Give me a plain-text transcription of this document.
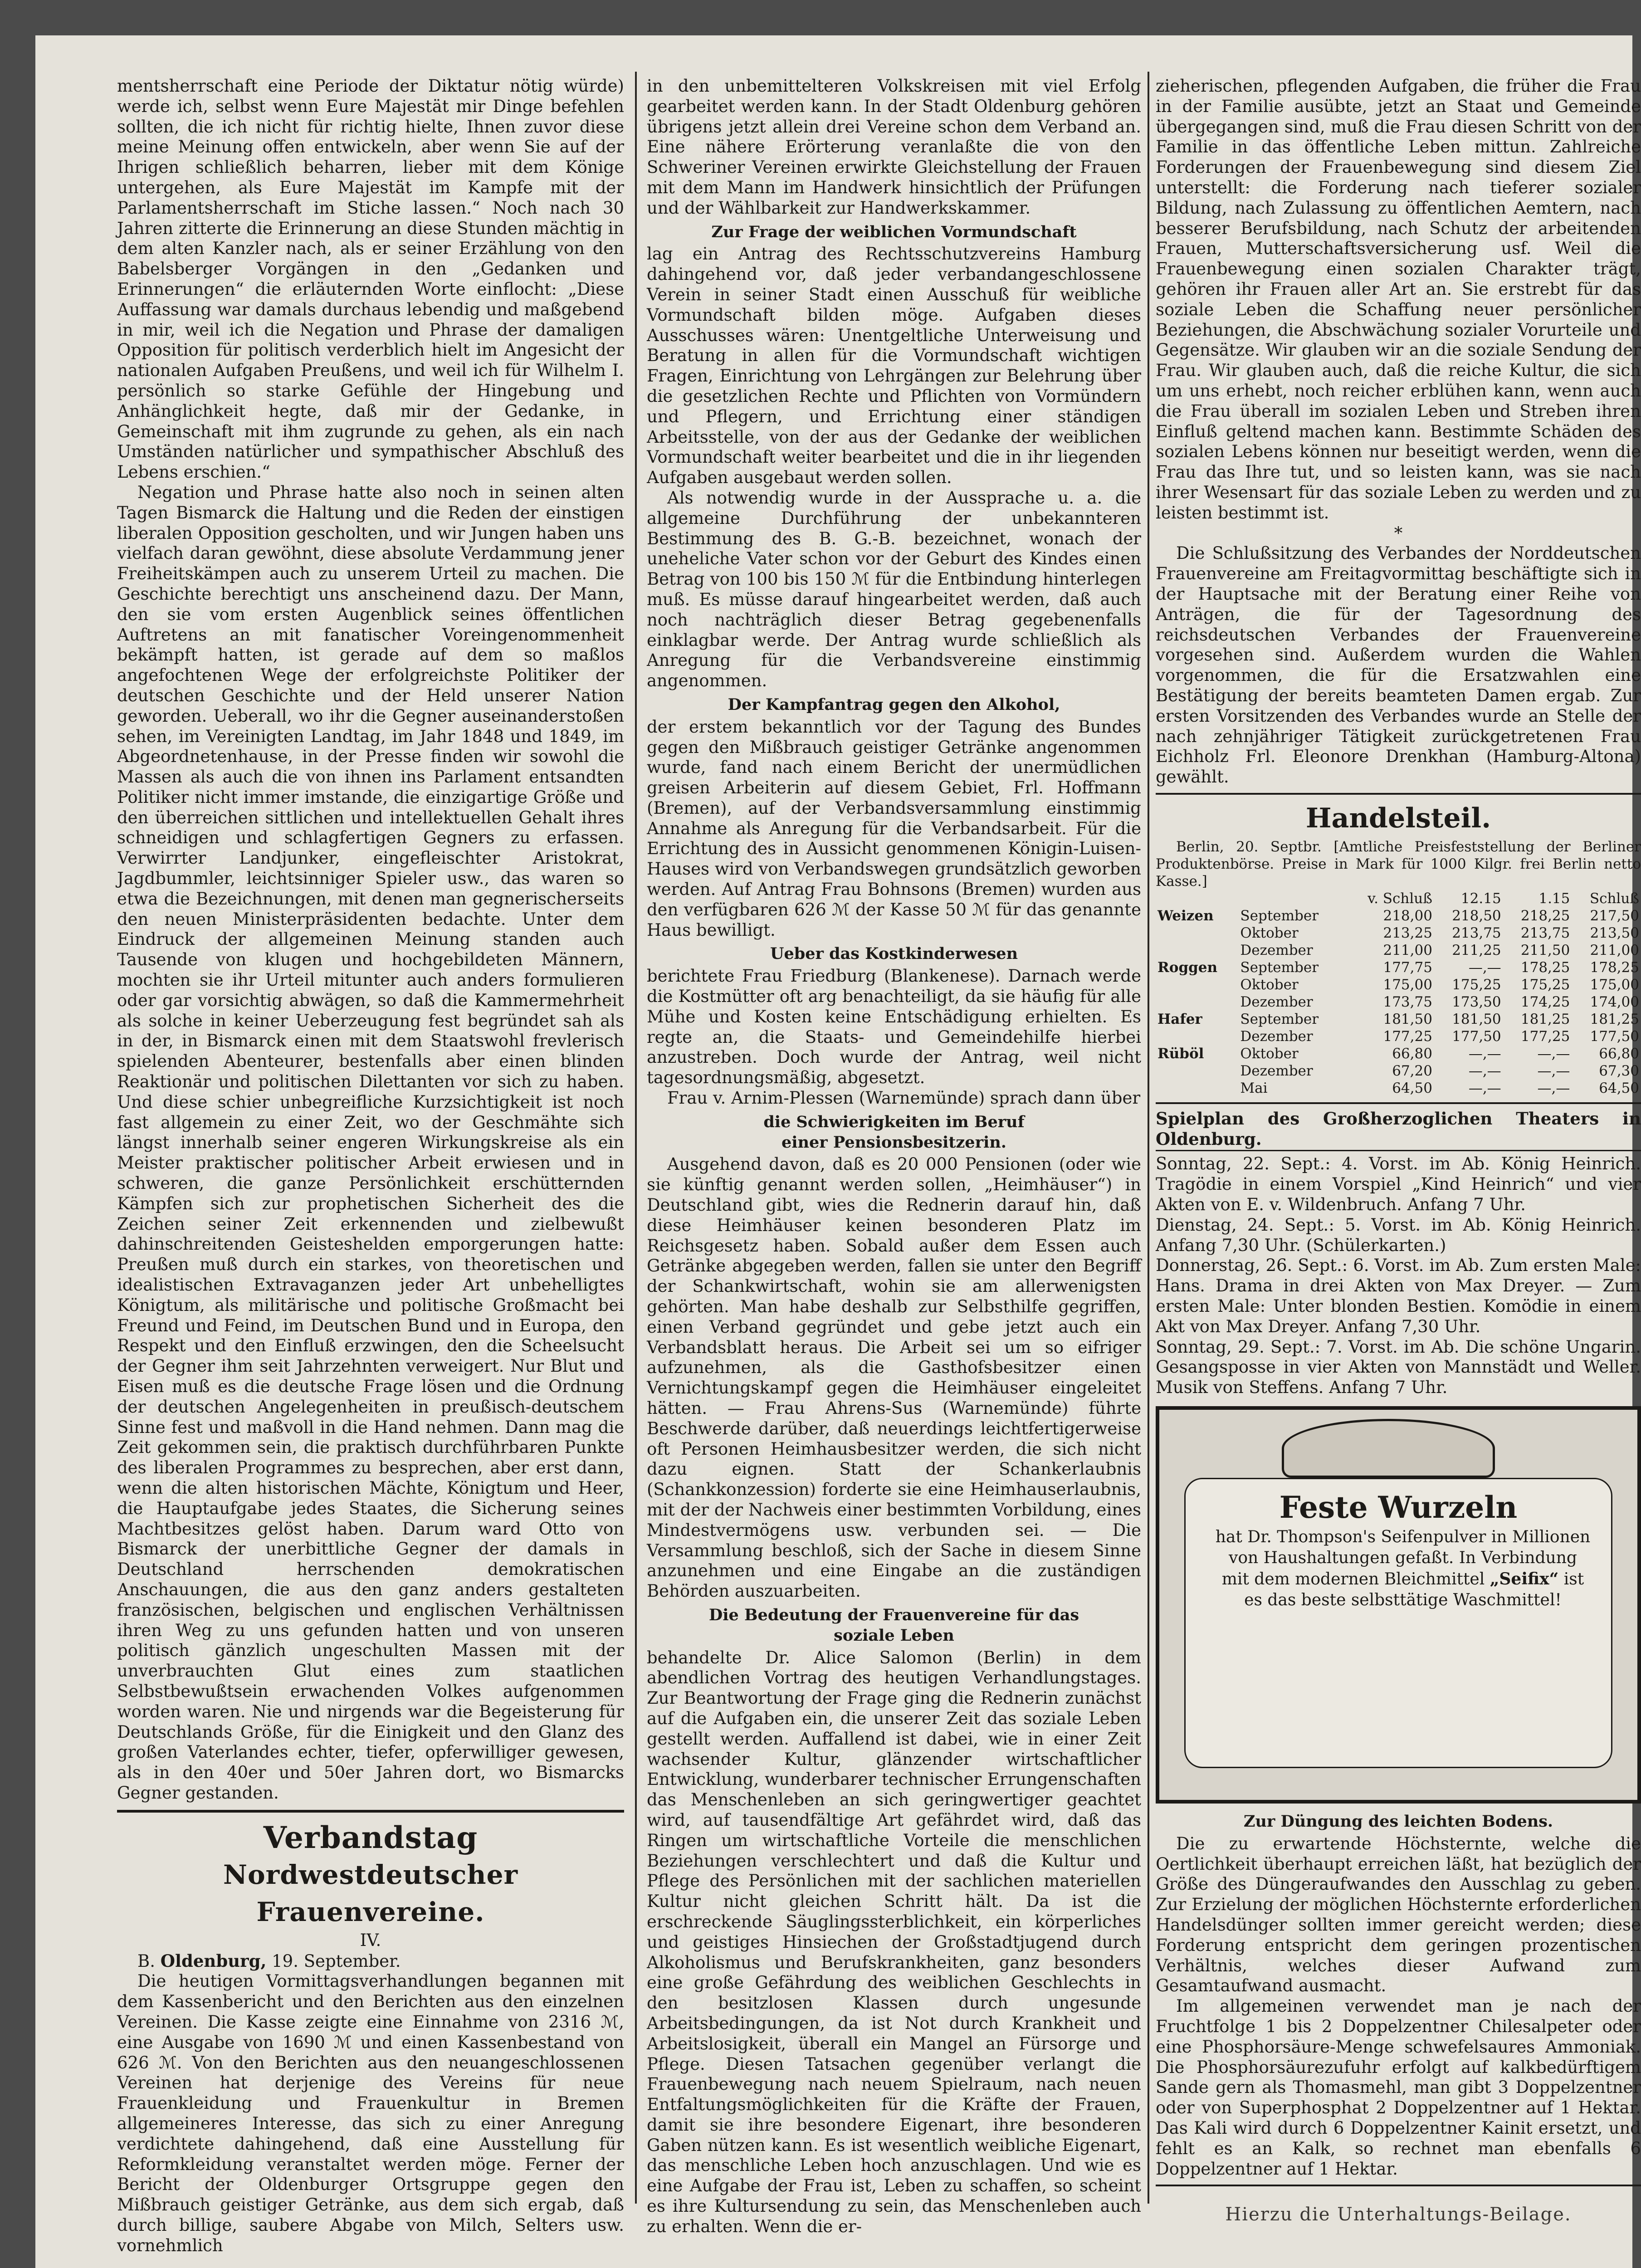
mentsherrschaft eine Periode der Diktatur nötig würde) werde ich, selbst wenn Eure Majestät mir Dinge befehlen sollten, die ich nicht für richtig hielte, Ihnen zuvor diese meine Meinung offen entwickeln, aber wenn Sie auf der Ihrigen schließlich beharren, lieber mit dem Könige untergehen, als Eure Majestät im Kampfe mit der Parlamentsherrschaft im Stiche lassen.“ Noch nach 30 Jahren zitterte die Erinnerung an diese Stunden mächtig in dem alten Kanzler nach, als er seiner Erzählung von den Babelsberger Vorgängen in den „Gedanken und Erinnerungen“ die erläuternden Worte einflocht: „Diese Auffassung war damals durchaus lebendig und maßgebend in mir, weil ich die Negation und Phrase der damaligen Opposition für politisch verderblich hielt im Angesicht der nationalen Aufgaben Preußens, und weil ich für Wilhelm I. persönlich so starke Gefühle der Hingebung und Anhänglichkeit hegte, daß mir der Gedanke, in Gemeinschaft mit ihm zugrunde zu gehen, als ein nach Umständen natürlicher und sympathischer Abschluß des Lebens erschien.“

Negation und Phrase hatte also noch in seinen alten Tagen Bismarck die Haltung und die Reden der einstigen liberalen Opposition gescholten, und wir Jungen haben uns vielfach daran gewöhnt, diese absolute Verdammung jener Freiheitskämpen auch zu unserem Urteil zu machen. Die Geschichte berechtigt uns anscheinend dazu. Der Mann, den sie vom ersten Augenblick seines öffentlichen Auftretens an mit fanatischer Voreingenommenheit bekämpft hatten, ist gerade auf dem so maßlos angefochtenen Wege der erfolgreichste Politiker der deutschen Geschichte und der Held unserer Nation geworden. Ueberall, wo ihr die Gegner auseinanderstoßen sehen, im Vereinigten Landtag, im Jahr 1848 und 1849, im Abgeordnetenhause, in der Presse finden wir sowohl die Massen als auch die von ihnen ins Parlament entsandten Politiker nicht immer imstande, die einzigartige Größe und den überreichen sittlichen und intellektuellen Gehalt ihres schneidigen und schlagfertigen Gegners zu erfassen. Verwirrter Landjunker, eingefleischter Aristokrat, Jagdbummler, leichtsinniger Spieler usw., das waren so etwa die Bezeichnungen, mit denen man gegnerischerseits den neuen Ministerpräsidenten bedachte. Unter dem Eindruck der allgemeinen Meinung standen auch Tausende von klugen und hochgebildeten Männern, mochten sie ihr Urteil mitunter auch anders formulieren oder gar vorsichtig abwägen, so daß die Kammermehrheit als solche in keiner Ueberzeugung fest begründet sah als in der, in Bismarck einen mit dem Staatswohl frevlerisch spielenden Abenteurer, bestenfalls aber einen blinden Reaktionär und politischen Dilettanten vor sich zu haben. Und diese schier unbegreifliche Kurzsichtigkeit ist noch fast allgemein zu einer Zeit, wo der Geschmähte sich längst innerhalb seiner engeren Wirkungskreise als ein Meister praktischer politischer Arbeit erwiesen und in schweren, die ganze Persönlichkeit erschütternden Kämpfen sich zur prophetischen Sicherheit des die Zeichen seiner Zeit erkennenden und zielbewußt dahinschreitenden Geisteshelden emporgerungen hatte: Preußen muß durch ein starkes, von theoretischen und idealistischen Extravaganzen jeder Art unbehelligtes Königtum, als militärische und politische Großmacht bei Freund und Feind, im Deutschen Bund und in Europa, den Respekt und den Einfluß erzwingen, den die Scheelsucht der Gegner ihm seit Jahrzehnten verweigert. Nur Blut und Eisen muß es die deutsche Frage lösen und die Ordnung der deutschen Angelegenheiten in preußisch-deutschem Sinne fest und maßvoll in die Hand nehmen. Dann mag die Zeit gekommen sein, die praktisch durchführbaren Punkte des liberalen Programmes zu besprechen, aber erst dann, wenn die alten historischen Mächte, Königtum und Heer, die Hauptaufgabe jedes Staates, die Sicherung seines Machtbesitzes gelöst haben. Darum ward Otto von Bismarck der unerbittliche Gegner der damals in Deutschland herrschenden demokratischen Anschauungen, die aus den ganz anders gestalteten französischen, belgischen und englischen Verhältnissen ihren Weg zu uns gefunden hatten und von unseren politisch gänzlich ungeschulten Massen mit der unverbrauchten Glut eines zum staatlichen Selbstbewußtsein erwachenden Volkes aufgenommen worden waren. Nie und nirgends war die Begeisterung für Deutschlands Größe, für die Einigkeit und den Glanz des großen Vaterlandes echter, tiefer, opferwilliger gewesen, als in den 40er und 50er Jahren dort, wo Bismarcks Gegner gestanden.

Verbandstag
Nordwestdeutscher Frauenvereine.

IV.

B. Oldenburg, 19. September.

Die heutigen Vormittagsverhandlungen begannen mit dem Kassenbericht und den Berichten aus den einzelnen Vereinen. Die Kasse zeigte eine Einnahme von 2316 ℳ, eine Ausgabe von 1690 ℳ und einen Kassenbestand von 626 ℳ. Von den Berichten aus den neuangeschlossenen Vereinen hat derjenige des Vereins für neue Frauenkleidung und Frauenkultur in Bremen allgemeineres Interesse, das sich zu einer Anregung verdichtete dahingehend, daß eine Ausstellung für Reformkleidung veranstaltet werden möge. Ferner der Bericht der Oldenburger Ortsgruppe gegen den Mißbrauch geistiger Getränke, aus dem sich ergab, daß durch billige, saubere Abgabe von Milch, Selters usw. vornehmlich

in den unbemittelteren Volkskreisen mit viel Erfolg gearbeitet werden kann. In der Stadt Oldenburg gehören übrigens jetzt allein drei Vereine schon dem Verband an. Eine nähere Erörterung veranlaßte die von den Schweriner Vereinen erwirkte Gleichstellung der Frauen mit dem Mann im Handwerk hinsichtlich der Prüfungen und der Wählbarkeit zur Handwerkskammer.

Zur Frage der weiblichen Vormundschaft

lag ein Antrag des Rechtsschutzvereins Hamburg dahingehend vor, daß jeder verbandangeschlossene Verein in seiner Stadt einen Ausschuß für weibliche Vormundschaft bilden möge. Aufgaben dieses Ausschusses wären: Unentgeltliche Unterweisung und Beratung in allen für die Vormundschaft wichtigen Fragen, Einrichtung von Lehrgängen zur Belehrung über die gesetzlichen Rechte und Pflichten von Vormündern und Pflegern, und Errichtung einer ständigen Arbeitsstelle, von der aus der Gedanke der weiblichen Vormundschaft weiter bearbeitet und die in ihr liegenden Aufgaben ausgebaut werden sollen.

Als notwendig wurde in der Aussprache u. a. die allgemeine Durchführung der unbekannteren Bestimmung des B. G.-B. bezeichnet, wonach der uneheliche Vater schon vor der Geburt des Kindes einen Betrag von 100 bis 150 ℳ für die Entbindung hinterlegen muß. Es müsse darauf hingearbeitet werden, daß auch noch nachträglich dieser Betrag gegebenenfalls einklagbar werde. Der Antrag wurde schließlich als Anregung für die Verbandsvereine einstimmig angenommen.

Der Kampfantrag gegen den Alkohol,

der erstem bekanntlich vor der Tagung des Bundes gegen den Mißbrauch geistiger Getränke angenommen wurde, fand nach einem Bericht der unermüdlichen greisen Arbeiterin auf diesem Gebiet, Frl. Hoffmann (Bremen), auf der Verbandsversammlung einstimmig Annahme als Anregung für die Verbandsarbeit. Für die Errichtung des in Aussicht genommenen Königin-Luisen-Hauses wird von Verbandswegen grundsätzlich geworben werden. Auf Antrag Frau Bohnsons (Bremen) wurden aus den verfügbaren 626 ℳ der Kasse 50 ℳ für das genannte Haus bewilligt.

Ueber das Kostkinderwesen

berichtete Frau Friedburg (Blankenese). Darnach werde die Kostmütter oft arg benachteiligt, da sie häufig für alle Mühe und Kosten keine Entschädigung erhielten. Es regte an, die Staats- und Gemeindehilfe hierbei anzustreben. Doch wurde der Antrag, weil nicht tagesordnungsmäßig, abgesetzt.

Frau v. Arnim-Plessen (Warnemünde) sprach dann über

die Schwierigkeiten im Beruf
einer Pensionsbesitzerin.

Ausgehend davon, daß es 20 000 Pensionen (oder wie sie künftig genannt werden sollen, „Heimhäuser“) in Deutschland gibt, wies die Rednerin darauf hin, daß diese Heimhäuser keinen besonderen Platz im Reichsgesetz haben. Sobald außer dem Essen auch Getränke abgegeben werden, fallen sie unter den Begriff der Schankwirtschaft, wohin sie am allerwenigsten gehörten. Man habe deshalb zur Selbsthilfe gegriffen, einen Verband gegründet und gebe jetzt auch ein Verbandsblatt heraus. Die Arbeit sei um so eifriger aufzunehmen, als die Gasthofsbesitzer einen Vernichtungskampf gegen die Heimhäuser eingeleitet hätten. — Frau Ahrens-Sus (Warnemünde) führte Beschwerde darüber, daß neuerdings leichtfertigerweise oft Personen Heimhausbesitzer werden, die sich nicht dazu eignen. Statt der Schankerlaubnis (Schankkonzession) forderte sie eine Heimhauserlaubnis, mit der der Nachweis einer bestimmten Vorbildung, eines Mindestvermögens usw. verbunden sei. — Die Versammlung beschloß, sich der Sache in diesem Sinne anzunehmen und eine Eingabe an die zuständigen Behörden auszuarbeiten.

Die Bedeutung der Frauenvereine für das
soziale Leben

behandelte Dr. Alice Salomon (Berlin) in dem abendlichen Vortrag des heutigen Verhandlungstages. Zur Beantwortung der Frage ging die Rednerin zunächst auf die Aufgaben ein, die unserer Zeit das soziale Leben gestellt werden. Auffallend ist dabei, wie in einer Zeit wachsender Kultur, glänzender wirtschaftlicher Entwicklung, wunderbarer technischer Errungenschaften das Menschenleben an sich geringwertiger geachtet wird, auf tausendfältige Art gefährdet wird, daß das Ringen um wirtschaftliche Vorteile die menschlichen Beziehungen verschlechtert und daß die Kultur und Pflege des Persönlichen mit der sachlichen materiellen Kultur nicht gleichen Schritt hält. Da ist die erschreckende Säuglingssterblichkeit, ein körperliches und geistiges Hinsiechen der Großstadtjugend durch Alkoholismus und Berufskrankheiten, ganz besonders eine große Gefährdung des weiblichen Geschlechts in den besitzlosen Klassen durch ungesunde Arbeitsbedingungen, da ist Not durch Krankheit und Arbeitslosigkeit, überall ein Mangel an Fürsorge und Pflege. Diesen Tatsachen gegenüber verlangt die Frauenbewegung nach neuem Spielraum, nach neuen Entfaltungsmöglichkeiten für die Kräfte der Frauen, damit sie ihre besondere Eigenart, ihre besonderen Gaben nützen kann. Es ist wesentlich weibliche Eigenart, das menschliche Leben hoch anzuschlagen. Und wie es eine Aufgabe der Frau ist, Leben zu schaffen, so scheint es ihre Kultursendung zu sein, das Menschenleben auch zu erhalten. Wenn die er-

zieherischen, pflegenden Aufgaben, die früher die Frau in der Familie ausübte, jetzt an Staat und Gemeinde übergegangen sind, muß die Frau diesen Schritt von der Familie in das öffentliche Leben mittun. Zahlreiche Forderungen der Frauenbewegung sind diesem Ziel unterstellt: die Forderung nach tieferer sozialer Bildung, nach Zulassung zu öffentlichen Aemtern, nach besserer Berufsbildung, nach Schutz der arbeitenden Frauen, Mutterschaftsversicherung usf. Weil die Frauenbewegung einen sozialen Charakter trägt, gehören ihr Frauen aller Art an. Sie erstrebt für das soziale Leben die Schaffung neuer persönlicher Beziehungen, die Abschwächung sozialer Vorurteile und Gegensätze. Wir glauben wir an die soziale Sendung der Frau. Wir glauben auch, daß die reiche Kultur, die sich um uns erhebt, noch reicher erblühen kann, wenn auch die Frau überall im sozialen Leben und Streben ihren Einfluß geltend machen kann. Bestimmte Schäden des sozialen Lebens können nur beseitigt werden, wenn die Frau das Ihre tut, und so leisten kann, was sie nach ihrer Wesensart für das soziale Leben zu werden und zu leisten bestimmt ist.

*

Die Schlußsitzung des Verbandes der Norddeutschen Frauenvereine am Freitagvormittag beschäftigte sich in der Hauptsache mit der Beratung einer Reihe von Anträgen, die für der Tagesordnung des reichsdeutschen Verbandes der Frauenvereine vorgesehen sind. Außerdem wurden die Wahlen vorgenommen, die für die Ersatzwahlen eine Bestätigung der bereits beamteten Damen ergab. Zur ersten Vorsitzenden des Verbandes wurde an Stelle der nach zehnjähriger Tätigkeit zurückgetretenen Frau Eichholz Frl. Eleonore Drenkhan (Hamburg-Altona) gewählt.

Handelsteil.

Berlin, 20. Septbr. [Amtliche Preisfeststellung der Berliner Produktenbörse. Preise in Mark für 1000 Kilgr. frei Berlin netto Kasse.]

		v. Schluß	12.15	1.15	Schluß
Weizen	September	218,00	218,50	218,25	217,50
	Oktober	213,25	213,75	213,75	213,50
	Dezember	211,00	211,25	211,50	211,00
Roggen	September	177,75	—,—	178,25	178,25
	Oktober	175,00	175,25	175,25	175,00
	Dezember	173,75	173,50	174,25	174,00
Hafer	September	181,50	181,50	181,25	181,25
	Dezember	177,25	177,50	177,25	177,50
Rüböl	Oktober	66,80	—,—	—,—	66,80
	Dezember	67,20	—,—	—,—	67,30
	Mai	64,50	—,—	—,—	64,50

Spielplan des Großherzoglichen Theaters in Oldenburg.

Sonntag, 22. Sept.: 4. Vorst. im Ab. König Heinrich. Tragödie in einem Vorspiel „Kind Heinrich“ und vier Akten von E. v. Wildenbruch. Anfang 7 Uhr.

Dienstag, 24. Sept.: 5. Vorst. im Ab. König Heinrich. Anfang 7,30 Uhr. (Schülerkarten.)

Donnerstag, 26. Sept.: 6. Vorst. im Ab. Zum ersten Male: Hans. Drama in drei Akten von Max Dreyer. — Zum ersten Male: Unter blonden Bestien. Komödie in einem Akt von Max Dreyer. Anfang 7,30 Uhr.

Sonntag, 29. Sept.: 7. Vorst. im Ab. Die schöne Ungarin. Gesangsposse in vier Akten von Mannstädt und Weller. Musik von Steffens. Anfang 7 Uhr.

Feste Wurzeln
hat Dr. Thompson's Seifenpulver in Millionen von Haushaltungen gefaßt. In Verbindung mit dem modernen Bleichmittel „Seifix“ ist es das beste selbsttätige Waschmittel!
Zur Düngung des leichten Bodens.

Die zu erwartende Höchsternte, welche die Oertlichkeit überhaupt erreichen läßt, hat bezüglich der Größe des Düngeraufwandes den Ausschlag zu geben. Zur Erzielung der möglichen Höchsternte erforderlichen Handelsdünger sollten immer gereicht werden; diese Forderung entspricht dem geringen prozentischen Verhältnis, welches dieser Aufwand zum Gesamtaufwand ausmacht.

Im allgemeinen verwendet man je nach der Fruchtfolge 1 bis 2 Doppelzentner Chilesalpeter oder eine Phosphorsäure-Menge schwefelsaures Ammoniak. Die Phosphorsäurezufuhr erfolgt auf kalkbedürftigem Sande gern als Thomasmehl, man gibt 3 Doppelzentner oder von Superphosphat 2 Doppelzentner auf 1 Hektar. Das Kali wird durch 6 Doppelzentner Kainit ersetzt, und fehlt es an Kalk, so rechnet man ebenfalls 6 Doppelzentner auf 1 Hektar.

Hierzu die Unterhaltungs-Beilage.
